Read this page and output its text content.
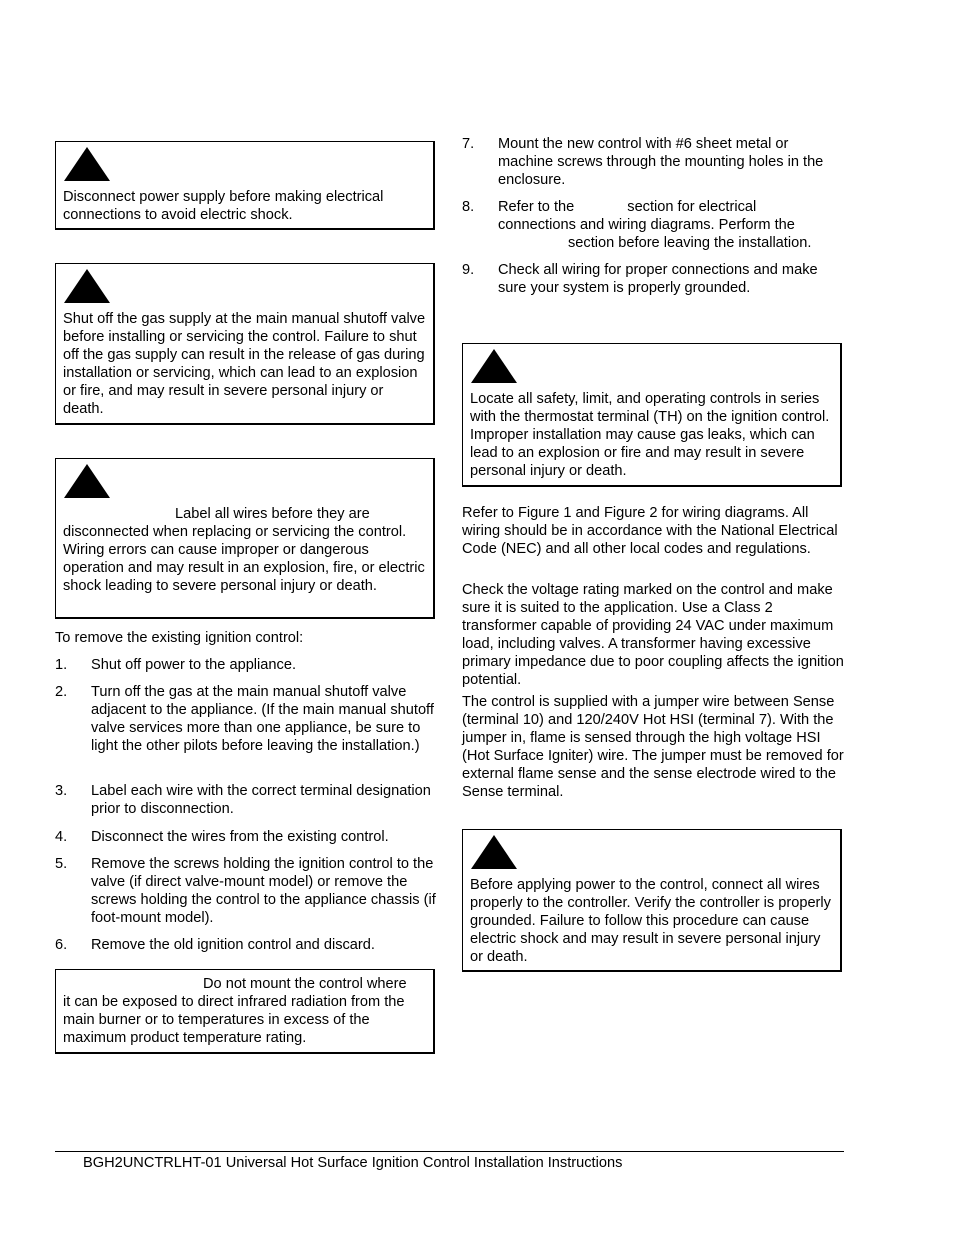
Disconnect power supply before making electrical connections to avoid electric shock.

Shut off the gas supply at the main manual shutoff valve before installing or servicing the control. Failure to shut off the gas supply can result in the release of gas during installation or servicing, which can lead to an explosion or fire, and may result in severe personal injury or death.

Label all wires before they are
disconnected when replacing or servicing the control. Wiring errors can cause improper or dangerous operation and may result in an explosion, fire, or electric shock leading to severe personal injury or death.

To remove the existing ignition control:

1. Shut off power to the appliance.
2. Turn off the gas at the main manual shutoff valve adjacent to the appliance. (If the main manual shutoff valve services more than one appliance, be sure to light the other pilots before leaving the installation.)
3. Label each wire with the correct terminal designation prior to disconnection.
4. Disconnect the wires from the existing control.
5. Remove the screws holding the ignition control to the valve (if direct valve-mount model) or remove the screws holding the control to the appliance chassis (if foot-mount model).
6. Remove the old ignition control and discard.

Do not mount the control where
it can be exposed to direct infrared radiation from the main burner or to temperatures in excess of the maximum product temperature rating.

7. Mount the new control with #6 sheet metal or machine screws through the mounting holes in the enclosure.
8. Refer to the	section for electrical
connections and wiring diagrams. Perform the
section before leaving the installation.
9. Check all wiring for proper connections and make sure your system is properly grounded.

Locate all safety, limit, and operating controls in series with the thermostat terminal (TH) on the ignition control. Improper installation may cause gas leaks, which can lead to an explosion or fire and may result in severe personal injury or death.

Refer to Figure 1 and Figure 2 for wiring diagrams. All wiring should be in accordance with the National Electrical Code (NEC) and all other local codes and regulations.

Check the voltage rating marked on the control and make sure it is suited to the application. Use a Class 2 transformer capable of providing 24 VAC under maximum load, including valves. A transformer having excessive primary impedance due to poor coupling affects the ignition potential.

The control is supplied with a jumper wire between Sense (terminal 10) and 120/240V Hot HSI (terminal 7). With the jumper in, flame is sensed through the high voltage HSI (Hot Surface Igniter) wire. The jumper must be removed for external flame sense and the sense electrode wired to the Sense terminal.

Before applying power to the control, connect all wires properly to the controller. Verify the controller is properly grounded. Failure to follow this procedure can cause electric shock and may result in severe personal injury or death.

BGH2UNCTRLHT-01 Universal Hot Surface Ignition Control Installation Instructions
